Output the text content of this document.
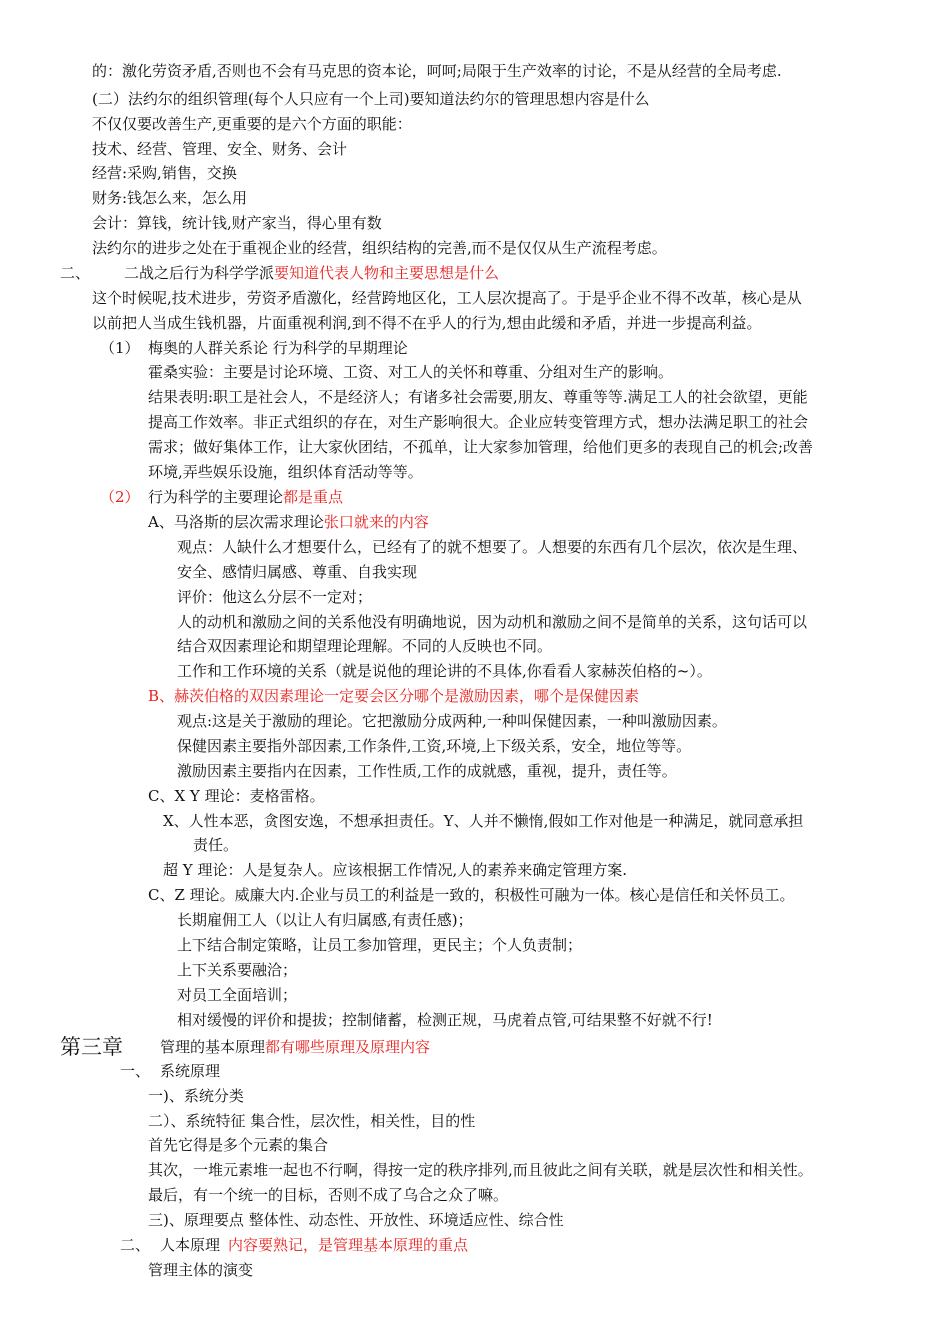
的：激化劳资矛盾,否则也不会有马克思的资本论，呵呵;局限于生产效率的讨论，不是从经营的全局考虑.
(二）法约尔的组织管理(每个人只应有一个上司)要知道法约尔的管理思想内容是什么
不仅仅要改善生产,更重要的是六个方面的职能：
技术、经营、管理、安全、财务、会计
经营:采购,销售，交换
财务:钱怎么来，怎么用
会计：算钱，统计钱,财产家当，得心里有数
法约尔的进步之处在于重视企业的经营，组织结构的完善,而不是仅仅从生产流程考虑。
二、 二战之后行为科学学派要知道代表人物和主要思想是什么
这个时候呢,技术进步，劳资矛盾激化，经营跨地区化，工人层次提高了。于是乎企业不得不改革，核心是从
以前把人当成生钱机器，片面重视利润,到不得不在乎人的行为,想由此缓和矛盾，并进一步提高利益。
（1） 梅奥的人群关系论 行为科学的早期理论
霍桑实验：主要是讨论环境、工资、对工人的关怀和尊重、分组对生产的影响。
结果表明:职工是社会人，不是经济人；有诸多社会需要,朋友、尊重等等.满足工人的社会欲望，更能
提高工作效率。非正式组织的存在，对生产影响很大。企业应转变管理方式，想办法满足职工的社会
需求；做好集体工作，让大家伙团结，不孤单，让大家参加管理，给他们更多的表现自己的机会;改善
环境,弄些娱乐设施，组织体育活动等等。
（2） 行为科学的主要理论都是重点
A、马洛斯的层次需求理论张口就来的内容
观点：人缺什么才想要什么，已经有了的就不想要了。人想要的东西有几个层次，依次是生理、
安全、感情归属感、尊重、自我实现
评价：他这么分层不一定对；
人的动机和激励之间的关系他没有明确地说，因为动机和激励之间不是简单的关系，这句话可以
结合双因素理论和期望理论理解。不同的人反映也不同。
工作和工作环境的关系（就是说他的理论讲的不具体,你看看人家赫茨伯格的~）。
B、赫茨伯格的双因素理论一定要会区分哪个是激励因素，哪个是保健因素
观点:这是关于激励的理论。它把激励分成两种,一种叫保健因素，一种叫激励因素。
保健因素主要指外部因素,工作条件,工资,环境,上下级关系，安全，地位等等。
激励因素主要指内在因素，工作性质,工作的成就感，重视，提升，责任等。
C、X Y 理论：麦格雷格。
X、人性本恶，贪图安逸，不想承担责任。Y、人并不懒惰,假如工作对他是一种满足，就同意承担
责任。
超 Y 理论：人是复杂人。应该根据工作情况,人的素养来确定管理方案.
C、Z 理论。威廉大内.企业与员工的利益是一致的，积极性可融为一体。核心是信任和关怀员工。
长期雇佣工人（以让人有归属感,有责任感)；
上下结合制定策略，让员工参加管理，更民主；个人负责制；
上下关系要融洽；
对员工全面培训；
相对缓慢的评价和提拔；控制储蓄，检测正规，马虎着点管,可结果整不好就不行!
第三章 管理的基本原理都有哪些原理及原理内容
一、 系统原理
一)、系统分类
二）、系统特征 集合性，层次性，相关性，目的性
首先它得是多个元素的集合
其次，一堆元素堆一起也不行啊，得按一定的秩序排列,而且彼此之间有关联，就是层次性和相关性。
最后，有一个统一的目标，否则不成了乌合之众了嘛。
三)、原理要点 整体性、动态性、开放性、环境适应性、综合性
二、 人本原理 内容要熟记，是管理基本原理的重点
管理主体的演变
